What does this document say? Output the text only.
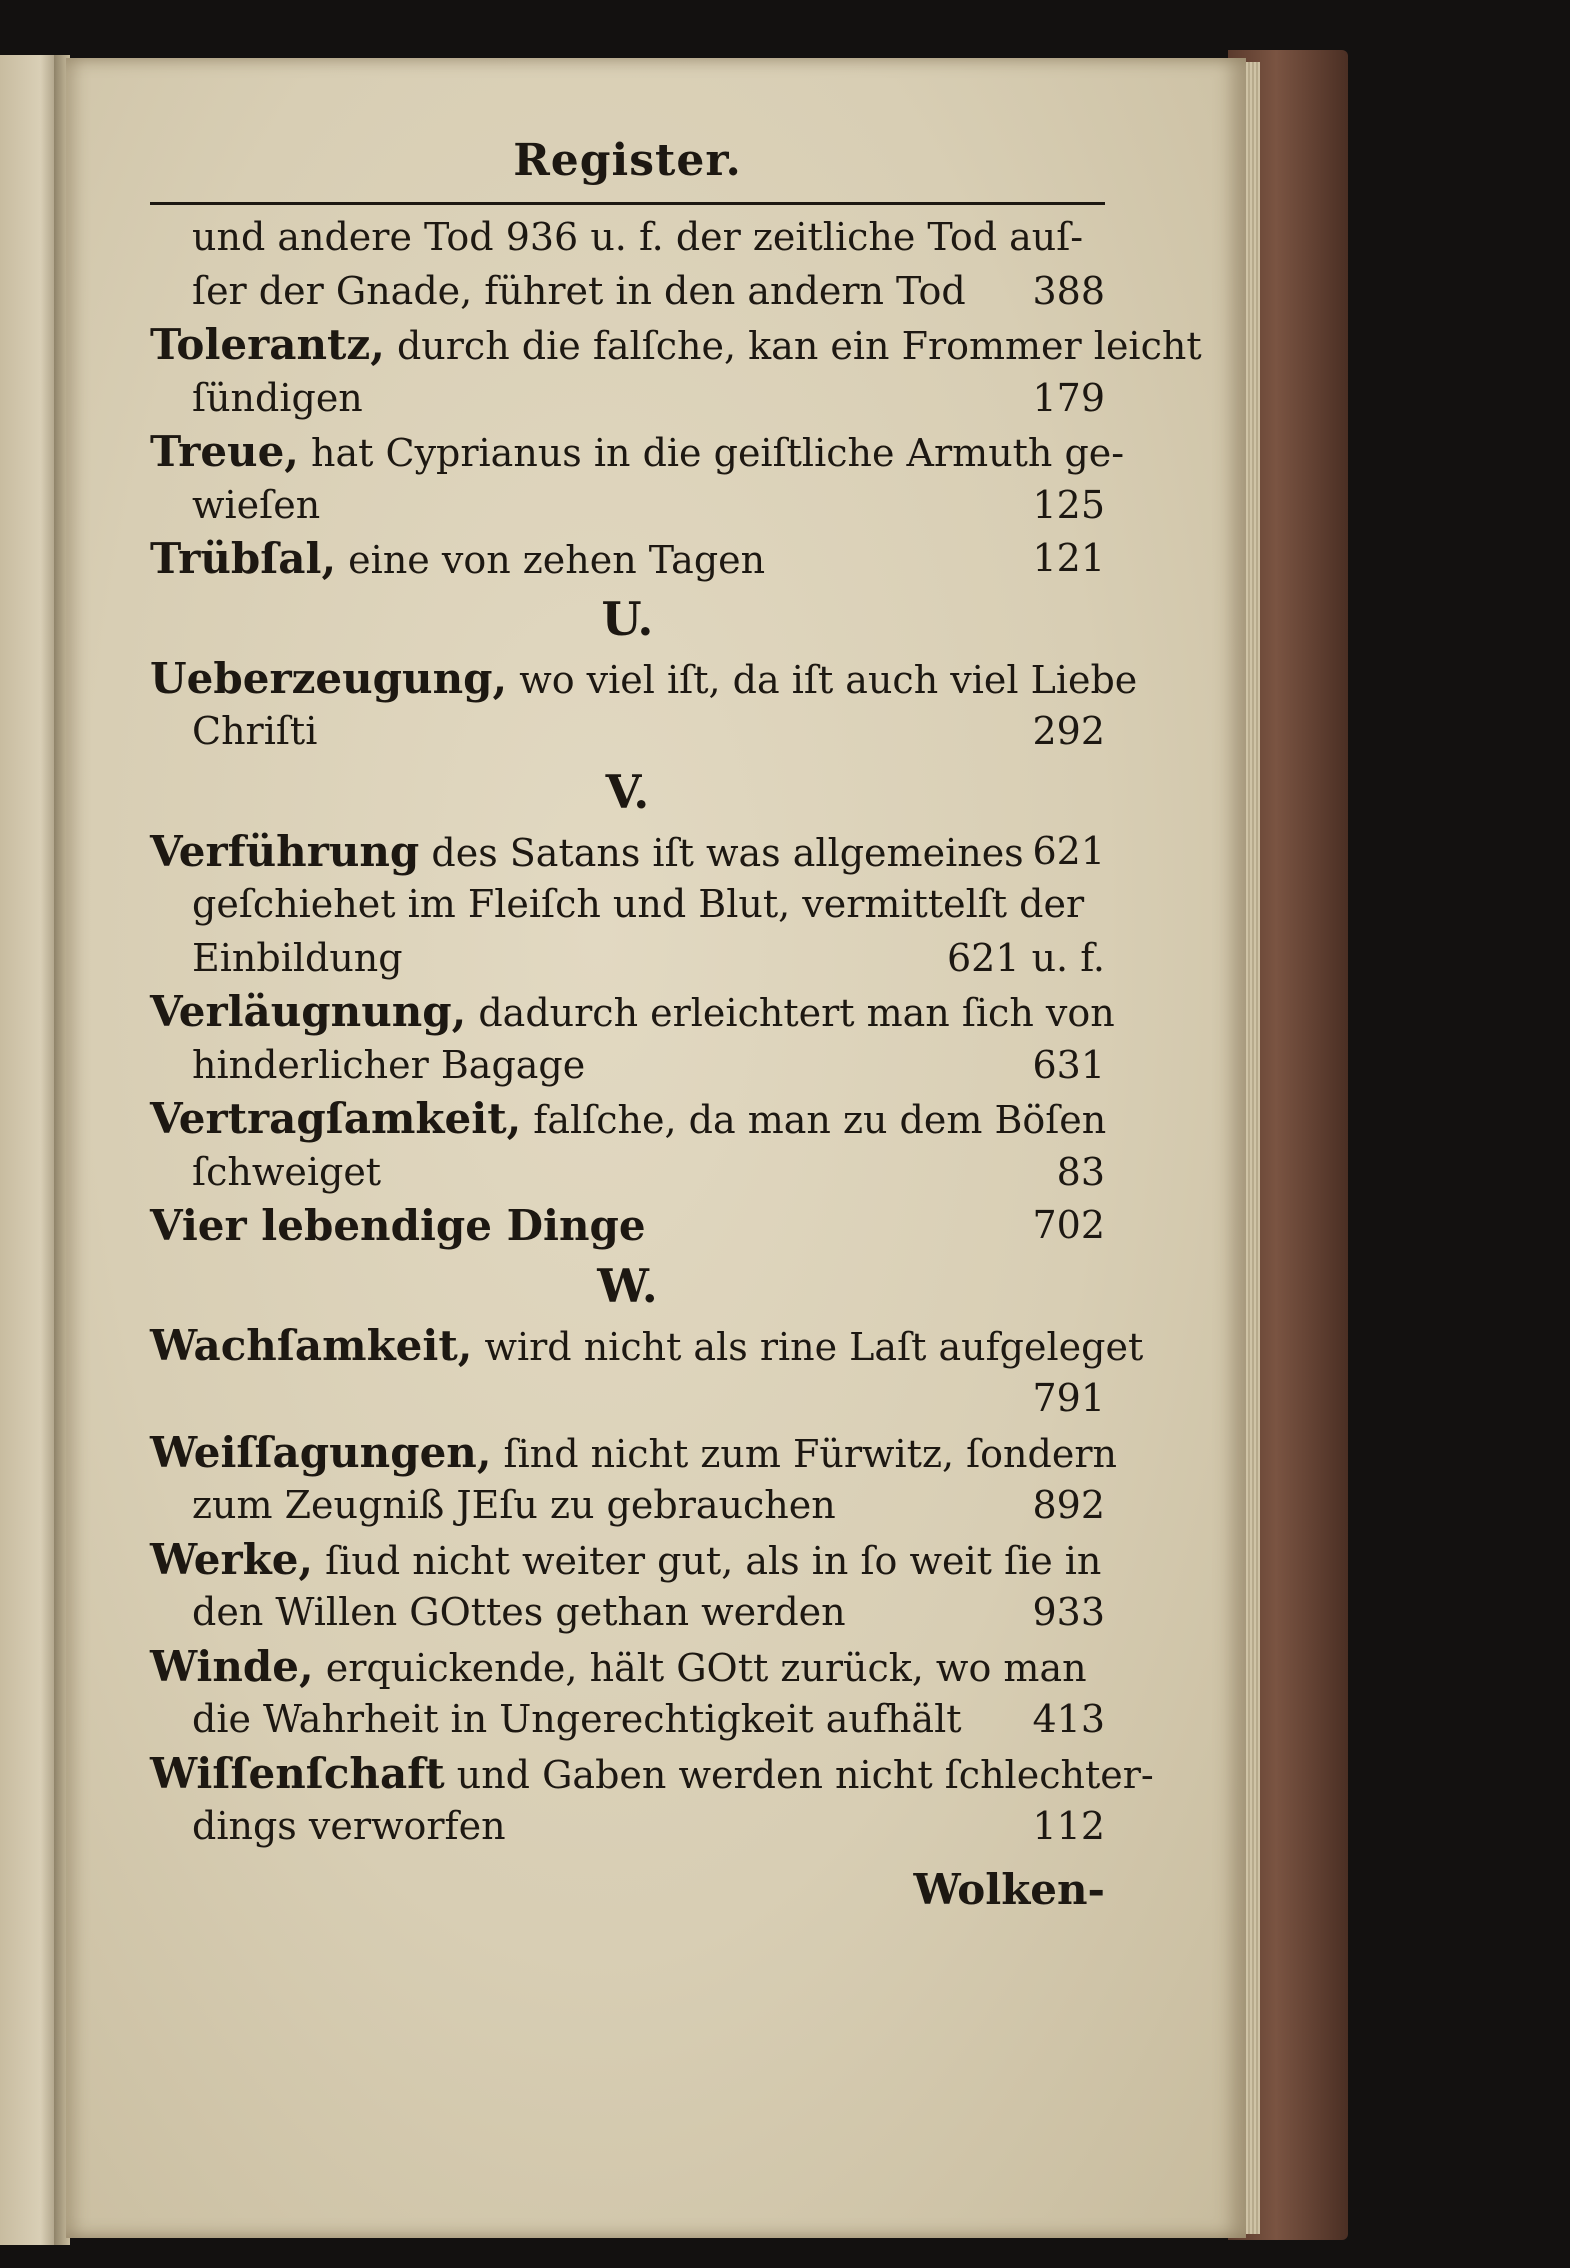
Register.
und andere Tod 936 u. f. der zeitliche Tod auſ-
ſer der Gnade, führet in den andern Tod 388
Tolerantz, durch die falſche, kan ein Frommer leicht
ſündigen	179
Treue, hat Cyprianus in die geiſtliche Armuth ge-
wieſen	125
Trübſal, eine von zehen Tagen	121
U.
Ueberzeugung, wo viel iſt, da iſt auch viel Liebe
Chriſti	292
V.
Verführung des Satans iſt was allgemeines 621
geſchiehet im Fleiſch und Blut, vermittelſt der
Einbildung	621 u. f.
Verläugnung, dadurch erleichtert man ſich von
hinderlicher Bagage	631
Vertragſamkeit, falſche, da man zu dem Böſen
ſchweiget	83
Vier lebendige Dinge	702
W.
Wachſamkeit, wird nicht als rine Laſt aufgeleget
791
Weiſſagungen, ſind nicht zum Fürwitz, ſondern
zum Zeugniß JEſu zu gebrauchen	892
Werke, ſiud nicht weiter gut, als in ſo weit ſie in
den Willen GOttes gethan werden	933
Winde, erquickende, hält GOtt zurück, wo man
die Wahrheit in Ungerechtigkeit aufhält 413
Wiſſenſchaft und Gaben werden nicht ſchlechter-
dings verworfen	112
Wolken-
